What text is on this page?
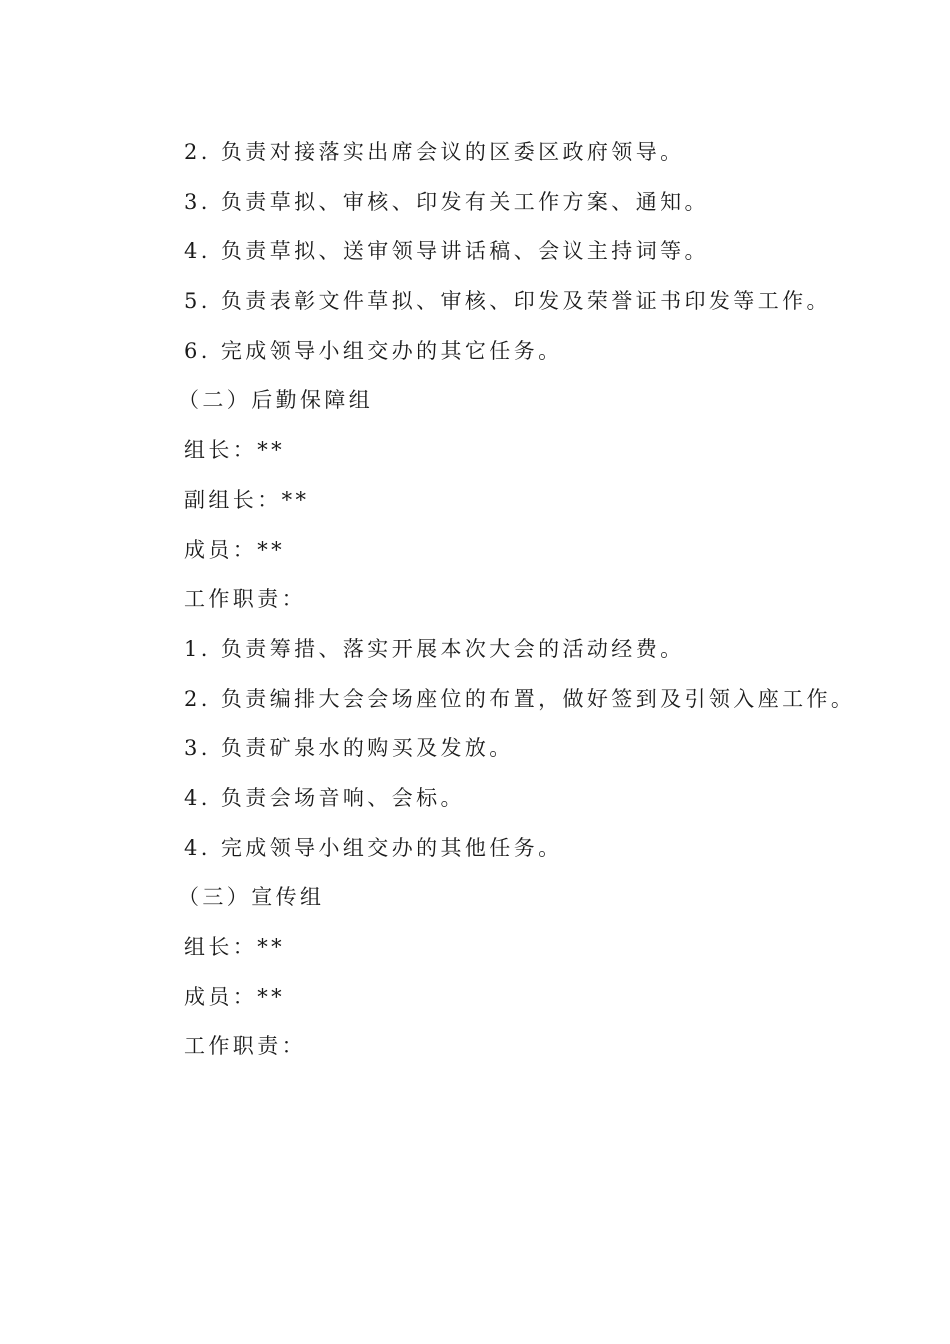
2. 负责对接落实出席会议的区委区政府领导。
3. 负责草拟、审核、印发有关工作方案、通知。
4. 负责草拟、送审领导讲话稿、会议主持词等。
5. 负责表彰文件草拟、审核、印发及荣誉证书印发等工作。
6. 完成领导小组交办的其它任务。
（二）后勤保障组
组长：**
副组长：**
成员：**
工作职责：
1. 负责筹措、落实开展本次大会的活动经费。
2. 负责编排大会会场座位的布置，做好签到及引领入座工作。
3. 负责矿泉水的购买及发放。
4. 负责会场音响、会标。
4. 完成领导小组交办的其他任务。
（三）宣传组
组长：**
成员：**
工作职责：
